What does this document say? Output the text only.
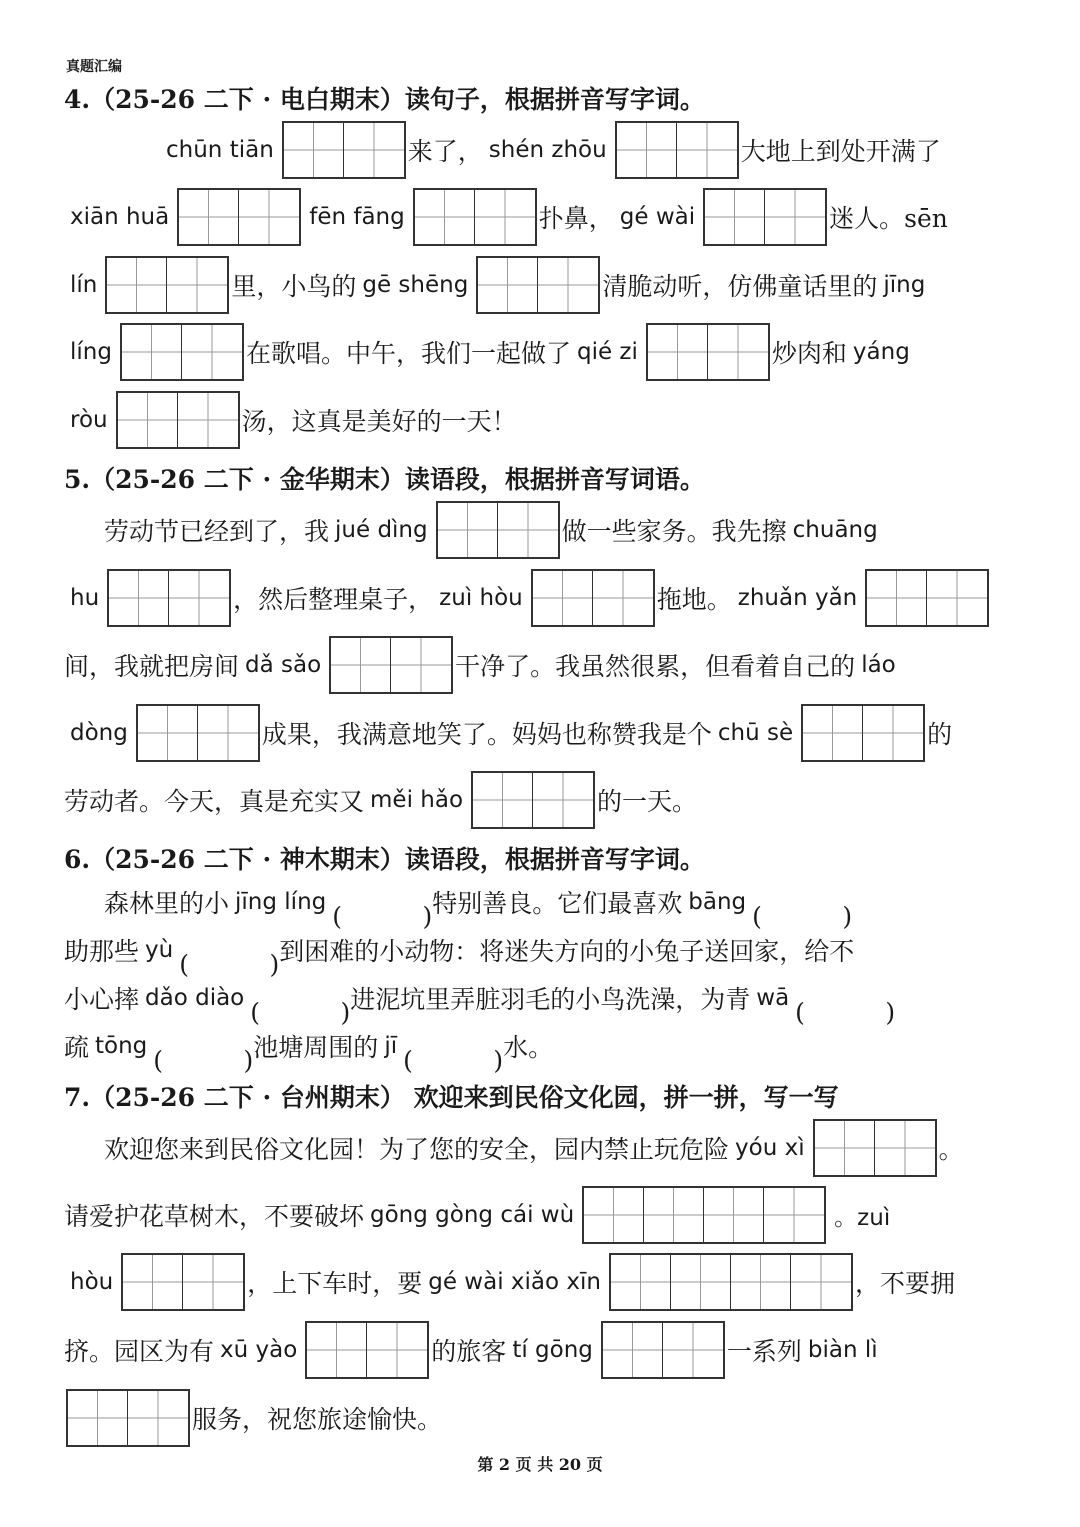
真题汇编
4.（25-26 二下 · 电白期末）读句子，根据拼音写字词。
chūn tiān	来了， shén zhōu	大地上到处开满了
xiān huā	fēn fāng	扑鼻， gé wài	迷人。sēn
lín	里，小鸟的 gē shēng	清脆动听，仿佛童话里的 jīng
líng	在歌唱。中午，我们一起做了 qié zi	炒肉和 yáng
ròu	汤，这真是美好的一天！
5.（25-26 二下 · 金华期末）读语段，根据拼音写词语。
劳动节已经到了，我 jué dìng	做一些家务。我先擦 chuāng
hu	，然后整理桌子， zuì hòu	拖地。 zhuǎn yǎn
间，我就把房间 dǎ sǎo	干净了。我虽然很累，但看着自己的 láo
dòng	成果，我满意地笑了。妈妈也称赞我是个 chū sè	的
劳动者。今天，真是充实又 měi hǎo	的一天。
6.（25-26 二下 · 神木期末）读语段，根据拼音写字词。
森林里的小 jīng líng	特别善良。它们最喜欢 bāng
助那些 yù	到困难的小动物：将迷失方向的小兔子送回家，给不
小心摔 dǎo diào	进泥坑里弄脏羽毛的小鸟洗澡，为青 wā
疏 tōng	池塘周围的 jī	水。
7.（25-26 二下 · 台州期末） 欢迎来到民俗文化园，拼一拼，写一写
欢迎您来到民俗文化园！为了您的安全，园内禁止玩危险 yóu xì	。
请爱护花草树木，不要破坏 gōng gòng cái wù	。zuì
hòu	，上下车时，要 gé wài xiǎo xīn	，不要拥
挤。园区为有 xū yào	的旅客 tí gōng	一系列 biàn lì
服务，祝您旅途愉快。
第 2 页 共 20 页
